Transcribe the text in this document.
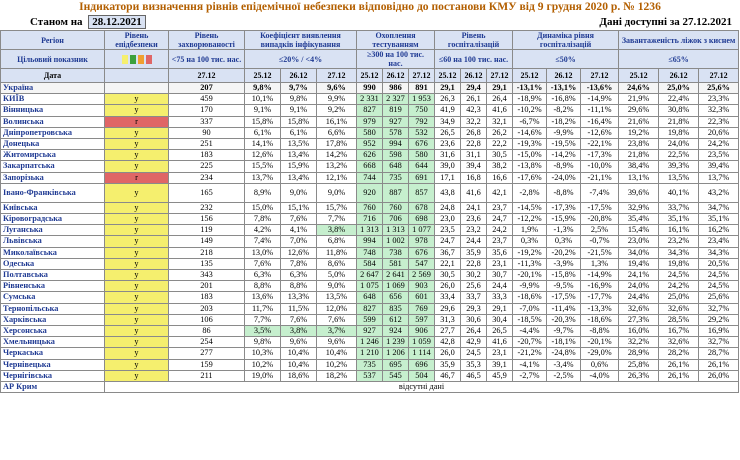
Індикатори визначення рівнів епідемічної небезпеки відповідно до постанови КМУ від 9 грудня 2020 р. № 1236
Станом на 28.12.2021	Дані доступні за 27.12.2021
Регіон	Рівень епідбезпеки	Рівень захворюваності	Коефіцієнт виявлення випадків інфікування			Охоплення тестуванням			Рівень госпіталізацій			Динаміка рівня госпіталізацій			Завантаженість ліжок з киснем		
Цільовий показник		<75 на 100 тис. нас.	≤20% / <4%			≥300 на 100 тис. нас.			≤60 на 100 тис. нас.			≤50%			≤65%		
Дата		27.12	25.12	26.12	27.12	25.12	26.12	27.12	25.12	26.12	27.12	25.12	26.12	27.12	25.12	26.12	27.12
Україна		207	9,8%	9,7%	9,6%	990	986	891	29,1	29,4	29,1	-13,1%	-13,1%	-13,6%	24,6%	25,0%	25,6%
КИЇВ	y	459	10,1%	9,8%	9,9%	2 331	2 327	1 953	26,3	26,1	26,4	-18,9%	-16,8%	-14,9%	21,9%	22,4%	23,3%
Вінницька	y	170	9,1%	9,1%	9,2%	827	819	750	41,9	42,3	41,6	-10,2%	-8,2%	-11,1%	29,6%	30,8%	32,3%
Волинська	r	337	15,8%	15,8%	16,1%	979	927	792	34,9	32,2	32,1	-6,7%	-18,2%	-16,4%	21,6%	21,8%	22,3%
Дніпропетровська	y	90	6,1%	6,1%	6,6%	580	578	532	26,5	26,8	26,2	-14,6%	-9,9%	-12,6%	19,2%	19,8%	20,6%
Донецька	y	251	14,1%	13,5%	17,8%	952	994	676	23,6	22,8	22,2	-19,3%	-19,5%	-22,1%	23,8%	24,0%	24,2%
Житомирська	y	183	12,6%	13,4%	14,2%	626	598	580	31,6	31,1	30,5	-15,0%	-14,2%	-17,3%	21,8%	22,5%	23,5%
Закарпатська	y	225	15,5%	15,9%	13,2%	668	648	644	39,0	39,4	38,2	-13,8%	-8,9%	-10,0%	38,4%	39,3%	39,4%
Запорізька	r	234	13,7%	13,4%	12,1%	744	735	691	17,1	16,8	16,6	-17,6%	-24,0%	-21,1%	13,1%	13,5%	13,7%
Івано-Франківська	y	165	8,9%	9,0%	9,0%	920	887	857	43,8	41,6	42,1	-2,8%	-8,8%	-7,4%	39,6%	40,1%	43,2%
Київська	y	232	15,0%	15,1%	15,7%	760	760	678	24,8	24,1	23,7	-14,5%	-17,3%	-17,5%	32,9%	33,7%	34,7%
Кіровоградська	y	156	7,8%	7,6%	7,7%	716	706	698	23,0	23,6	24,7	-12,2%	-15,9%	-20,8%	35,4%	35,1%	35,1%
Луганська	y	119	4,2%	4,1%	3,8%	1 313	1 313	1 077	23,5	23,2	24,2	1,9%	-1,3%	2,5%	15,4%	16,1%	16,2%
Львівська	y	149	7,4%	7,0%	6,8%	994	1 002	978	24,7	24,4	23,7	0,3%	0,3%	-0,7%	23,0%	23,2%	23,4%
Миколаївська	y	218	13,0%	12,6%	11,8%	748	738	676	36,7	35,9	35,6	-19,2%	-20,2%	-21,5%	34,0%	34,3%	34,3%
Одеська	y	135	7,6%	7,8%	8,6%	584	581	547	22,1	22,8	23,1	-11,3%	-3,9%	1,3%	19,4%	19,8%	20,5%
Полтавська	y	343	6,3%	6,3%	5,0%	2 647	2 641	2 569	30,5	30,2	30,7	-20,1%	-15,8%	-14,9%	24,1%	24,5%	24,5%
Рівненська	y	201	8,8%	8,8%	9,0%	1 075	1 069	903	26,0	25,6	24,4	-9,9%	-9,5%	-16,9%	24,0%	24,2%	24,5%
Сумська	y	183	13,6%	13,3%	13,5%	648	656	601	33,4	33,7	33,3	-18,6%	-17,5%	-17,7%	24,4%	25,0%	25,6%
Тернопільська	y	203	11,7%	11,5%	12,0%	827	835	769	29,6	29,3	29,1	-7,0%	-11,4%	-13,3%	32,6%	32,6%	32,7%
Харківська	y	106	7,7%	7,6%	7,6%	599	612	597	31,3	30,6	30,4	-18,5%	-20,3%	-18,6%	27,3%	28,5%	29,2%
Херсонська	y	86	3,5%	3,8%	3,7%	927	924	906	27,7	26,4	26,5	-4,4%	-9,7%	-8,8%	16,0%	16,7%	16,9%
Хмельницька	y	254	9,8%	9,6%	9,6%	1 246	1 239	1 059	42,8	42,9	41,6	-20,7%	-18,1%	-20,1%	32,2%	32,6%	32,7%
Черкаська	y	277	10,3%	10,4%	10,4%	1 210	1 206	1 114	26,0	24,5	23,1	-21,2%	-24,8%	-29,0%	28,9%	28,2%	28,7%
Чернівецька	y	159	10,2%	10,4%	10,2%	735	695	696	35,9	35,3	39,1	-4,1%	-3,4%	0,6%	25,8%	26,1%	26,1%
Чернігівська	y	211	19,0%	18,6%	18,2%	537	545	504	46,7	46,5	45,9	-2,7%	-2,5%	-4,0%	26,3%	26,1%	26,0%
АР Крим	відсутні дані																
